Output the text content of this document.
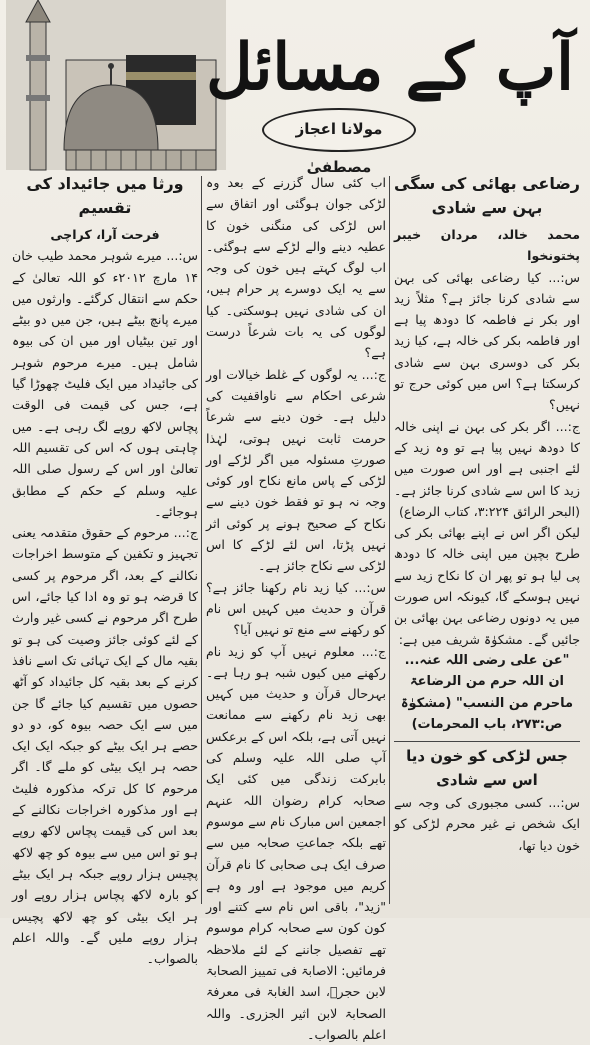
آپ کے مسائل
مولانا اعجاز مصطفیٰ
رضاعی بھائی کی سگی بہن سے شادی

محمد خالد، مردان خیبر پختونخوا

س:... کیا رضاعی بھائی کی بہن سے شادی کرنا جائز ہے؟ مثلاً زید اور بکر نے فاطمہ کا دودھ پیا ہے اور فاطمہ بکر کی خالہ ہے، کیا زید بکر کی دوسری بہن سے شادی کرسکتا ہے؟ اس میں کوئی حرج تو نہیں؟

ج:... اگر بکر کی بہن نے اپنی خالہ کا دودھ نہیں پیا ہے تو وہ زید کے لئے اجنبی ہے اور اس صورت میں زید کا اس سے شادی کرنا جائز ہے۔ (البحر الرائق ۳:۲۲۴، کتاب الرضاع)

لیکن اگر اس نے اپنے بھائی بکر کی طرح بچپن میں اپنی خالہ کا دودھ پی لیا ہو تو پھر ان کا نکاح زید سے نہیں ہوسکے گا، کیونکہ اس صورت میں یہ دونوں رضاعی بہن بھائی بن جائیں گے۔ مشکوٰۃ شریف میں ہے:

"عن علی رضی اللہ عنہ...

ان اللہ حرم من الرضاعۃ ماحرم من النسب" (مشکوٰۃ ص:۲۷۳، باب المحرمات)

جس لڑکی کو خون دیا اس سے شادی

س:... کسی مجبوری کی وجہ سے ایک شخص نے غیر محرم لڑکی کو خون دیا تھا،

اب کئی سال گزرنے کے بعد وہ لڑکی جوان ہوگئی اور اتفاق سے اس لڑکی کی منگنی خون کا عطیہ دینے والے لڑکے سے ہوگئی۔ اب لوگ کہتے ہیں خون کی وجہ سے یہ ایک دوسرے پر حرام ہیں، ان کی شادی نہیں ہوسکتی۔ کیا لوگوں کی یہ بات شرعاً درست ہے؟

ج:... یہ لوگوں کے غلط خیالات اور شرعی احکام سے ناواقفیت کی دلیل ہے۔ خون دینے سے شرعاً حرمت ثابت نہیں ہوتی، لہٰذا صورتِ مسئولہ میں اگر لڑکے اور لڑکی کے پاس مانع نکاح اور کوئی وجہ نہ ہو تو فقط خون دینے سے نکاح کے صحیح ہونے پر کوئی اثر نہیں پڑتا، اس لئے لڑکے کا اس لڑکی سے نکاح جائز ہے۔

س:... کیا زید نام رکھنا جائز ہے؟ قرآن و حدیث میں کہیں اس نام کو رکھنے سے منع تو نہیں آیا؟

ج:... معلوم نہیں آپ کو زید نام رکھنے میں کیوں شبہ ہو رہا ہے۔ بہرحال قرآن و حدیث میں کہیں بھی زید نام رکھنے سے ممانعت نہیں آتی ہے، بلکہ اس کے برعکس آپ صلی اللہ علیہ وسلم کی بابرکت زندگی میں کئی ایک صحابہ کرام رضوان اللہ عنہم اجمعین اس مبارک نام سے موسوم تھے بلکہ جماعتِ صحابہ میں سے صرف ایک ہی صحابی کا نام قرآن کریم میں موجود ہے اور وہ ہے "زید"، باقی اس نام سے کتنے اور کون کون سے صحابہ کرام موسوم تھے تفصیل جاننے کے لئے ملاحظہ فرمائیں: الاصابۃ فی تمییز الصحابۃ لابن حجرؒ، اسد الغابۃ فی معرفۃ الصحابۃ لابن اثیر الجزری۔ واللہ اعلم بالصواب۔

ورثا میں جائیداد کی تقسیم

فرحت آرا، کراچی

س:... میرے شوہر محمد طیب خان ۱۴ مارچ ۲۰۱۲ء کو اللہ تعالیٰ کے حکم سے انتقال کرگئے۔ وارثوں میں میرے پانچ بیٹے ہیں، جن میں دو بیٹے اور تین بیٹیاں اور میں ان کی بیوہ شامل ہیں۔ میرے مرحوم شوہر کی جائیداد میں ایک فلیٹ چھوڑا گیا ہے، جس کی قیمت فی الوقت پچاس لاکھ روپے لگ رہی ہے۔ میں چاہتی ہوں کہ اس کی تقسیم اللہ تعالیٰ اور اس کے رسول صلی اللہ علیہ وسلم کے حکم کے مطابق ہوجائے۔

ج:... مرحوم کے حقوق متقدمہ یعنی تجہیز و تکفین کے متوسط اخراجات نکالنے کے بعد، اگر مرحوم پر کسی کا قرضہ ہو تو وہ ادا کیا جائے، اس طرح اگر مرحوم نے کسی غیر وارث کے لئے کوئی جائز وصیت کی ہو تو بقیہ مال کے ایک تہائی تک اسے نافذ کرنے کے بعد بقیہ کل جائیداد کو آٹھ حصوں میں تقسیم کیا جائے گا جن میں سے ایک حصہ بیوہ کو، دو دو حصے ہر ایک بیٹے کو جبکہ ایک ایک حصہ ہر ایک بیٹی کو ملے گا۔ اگر مرحوم کا کل ترکہ مذکورہ فلیٹ ہے اور مذکورہ اخراجات نکالنے کے بعد اس کی قیمت پچاس لاکھ روپے ہو تو اس میں سے بیوہ کو چھ لاکھ پچیس ہزار روپے جبکہ ہر ایک بیٹے کو بارہ لاکھ پچاس ہزار روپے اور ہر ایک بیٹی کو چھ لاکھ پچیس ہزار روپے ملیں گے۔ واللہ اعلم بالصواب۔
